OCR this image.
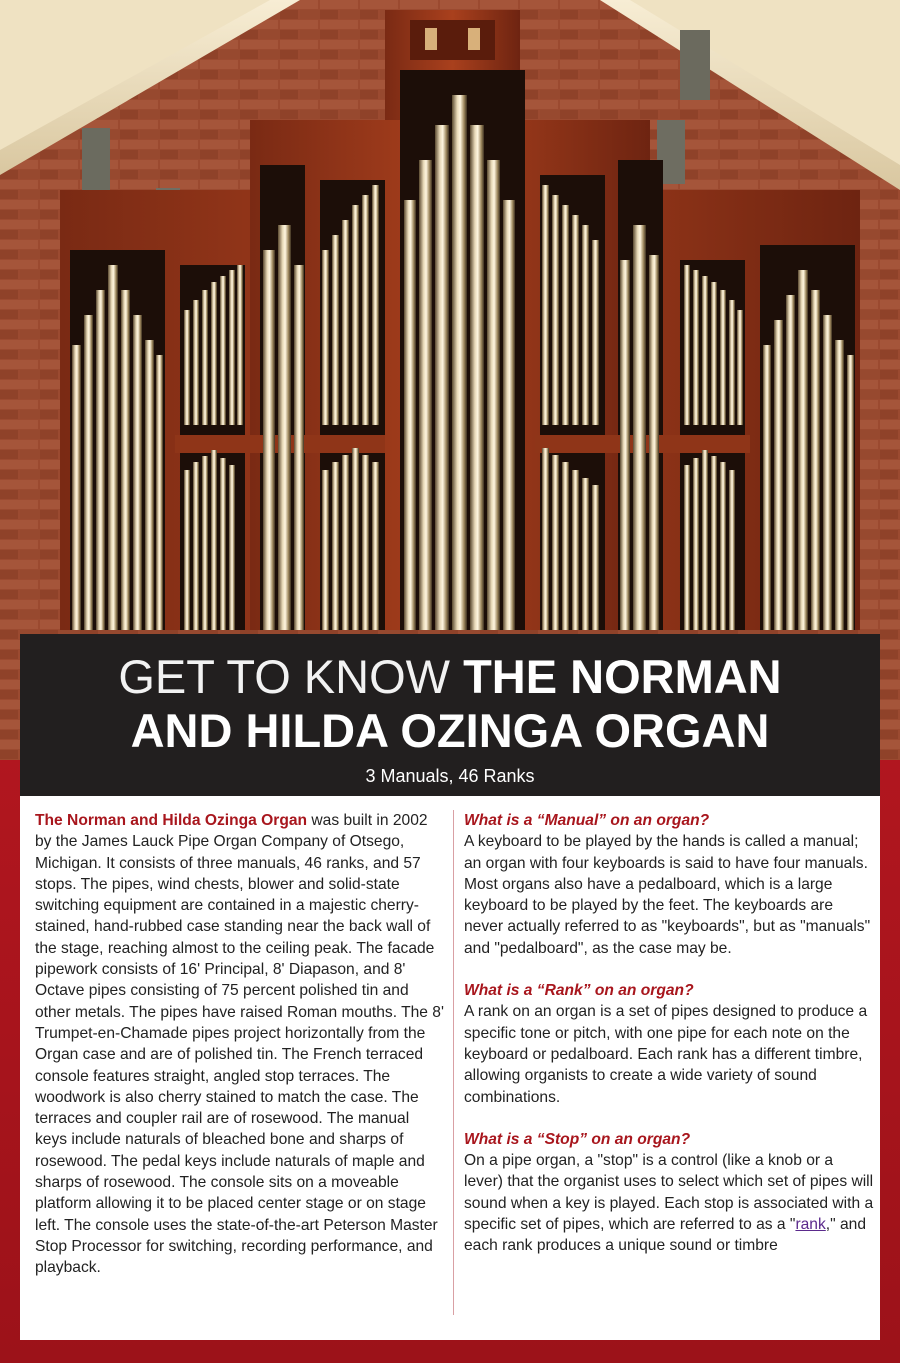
GET TO KNOW THE NORMAN
AND HILDA OZINGA ORGAN
3 Manuals, 46 Ranks
The Norman and Hilda Ozinga Organ was built in 2002 by the James Lauck Pipe Organ Company of Otsego, Michigan. It consists of three manuals, 46 ranks, and 57 stops. The pipes, wind chests, blower and solid-state switching equipment are contained in a majestic cherry-stained, hand-rubbed case standing near the back wall of the stage, reaching almost to the ceiling peak. The facade pipework consists of 16' Principal, 8' Diapason, and 8' Octave pipes consisting of 75 percent polished tin and other metals. The pipes have raised Roman mouths. The 8' Trumpet-en-Chamade pipes project horizontally from the Organ case and are of polished tin. The French terraced console features straight, angled stop terraces. The woodwork is also cherry stained to match the case. The terraces and coupler rail are of rosewood. The manual keys include naturals of bleached bone and sharps of rosewood. The pedal keys include naturals of maple and sharps of rosewood. The console sits on a moveable platform allowing it to be placed center stage or on stage left. The console uses the state-of-the-art Peterson Master Stop Processor for switching, recording performance, and playback.
What is a “Manual” on an organ?
A keyboard to be played by the hands is called a manual; an organ with four keyboards is said to have four manuals. Most organs also have a pedalboard, which is a large keyboard to be played by the feet. The keyboards are never actually referred to as "keyboards", but as "manuals" and "pedalboard", as the case may be.
What is a “Rank” on an organ?
A rank on an organ is a set of pipes designed to produce a specific tone or pitch, with one pipe for each note on the keyboard or pedalboard. Each rank has a different timbre, allowing organists to create a wide variety of sound combinations.
What is a “Stop” on an organ?
On a pipe organ, a "stop" is a control (like a knob or a lever) that the organist uses to select which set of pipes will sound when a key is played. Each stop is associated with a specific set of pipes, which are referred to as a "rank," and each rank produces a unique sound or timbre
